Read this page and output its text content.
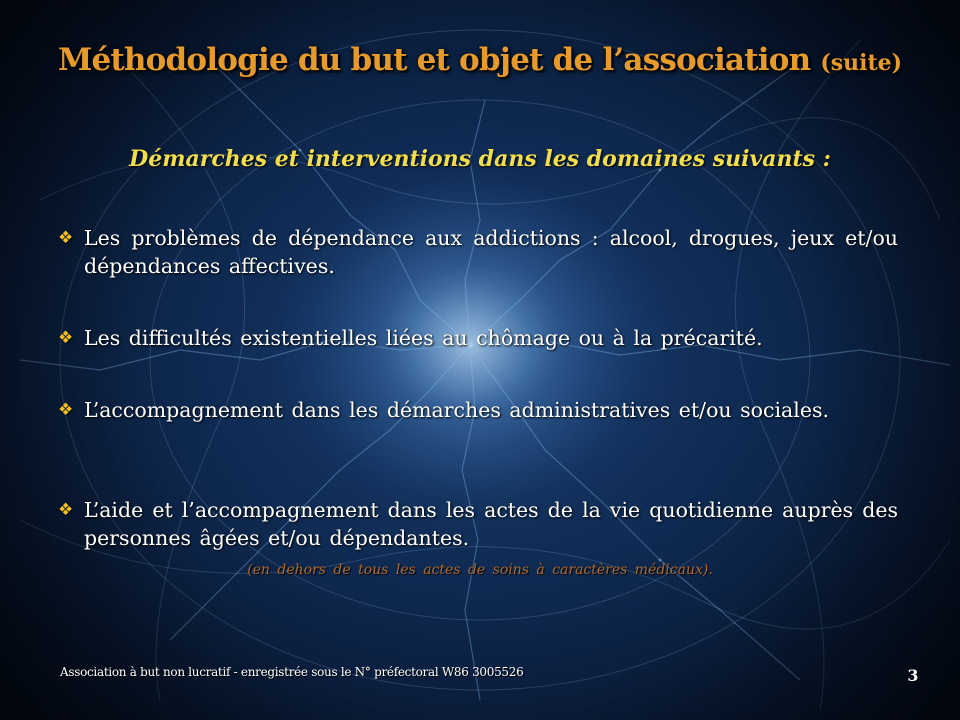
Méthodologie du but et objet de l’association (suite)
Démarches et interventions dans les domaines suivants :
❖ Les problèmes de dépendance aux addictions : alcool, drogues, jeux et/ou dépendances affectives.
❖ Les difficultés existentielles liées au chômage ou à la précarité.
❖ L’accompagnement dans les démarches administratives et/ou sociales.
❖ L’aide et l’accompagnement dans les actes de la vie quotidienne auprès des personnes âgées et/ou dépendantes.
(en dehors de tous les actes de soins à caractères médicaux).
Association à but non lucratif - enregistrée sous le N° préfectoral W86 3005526	3
